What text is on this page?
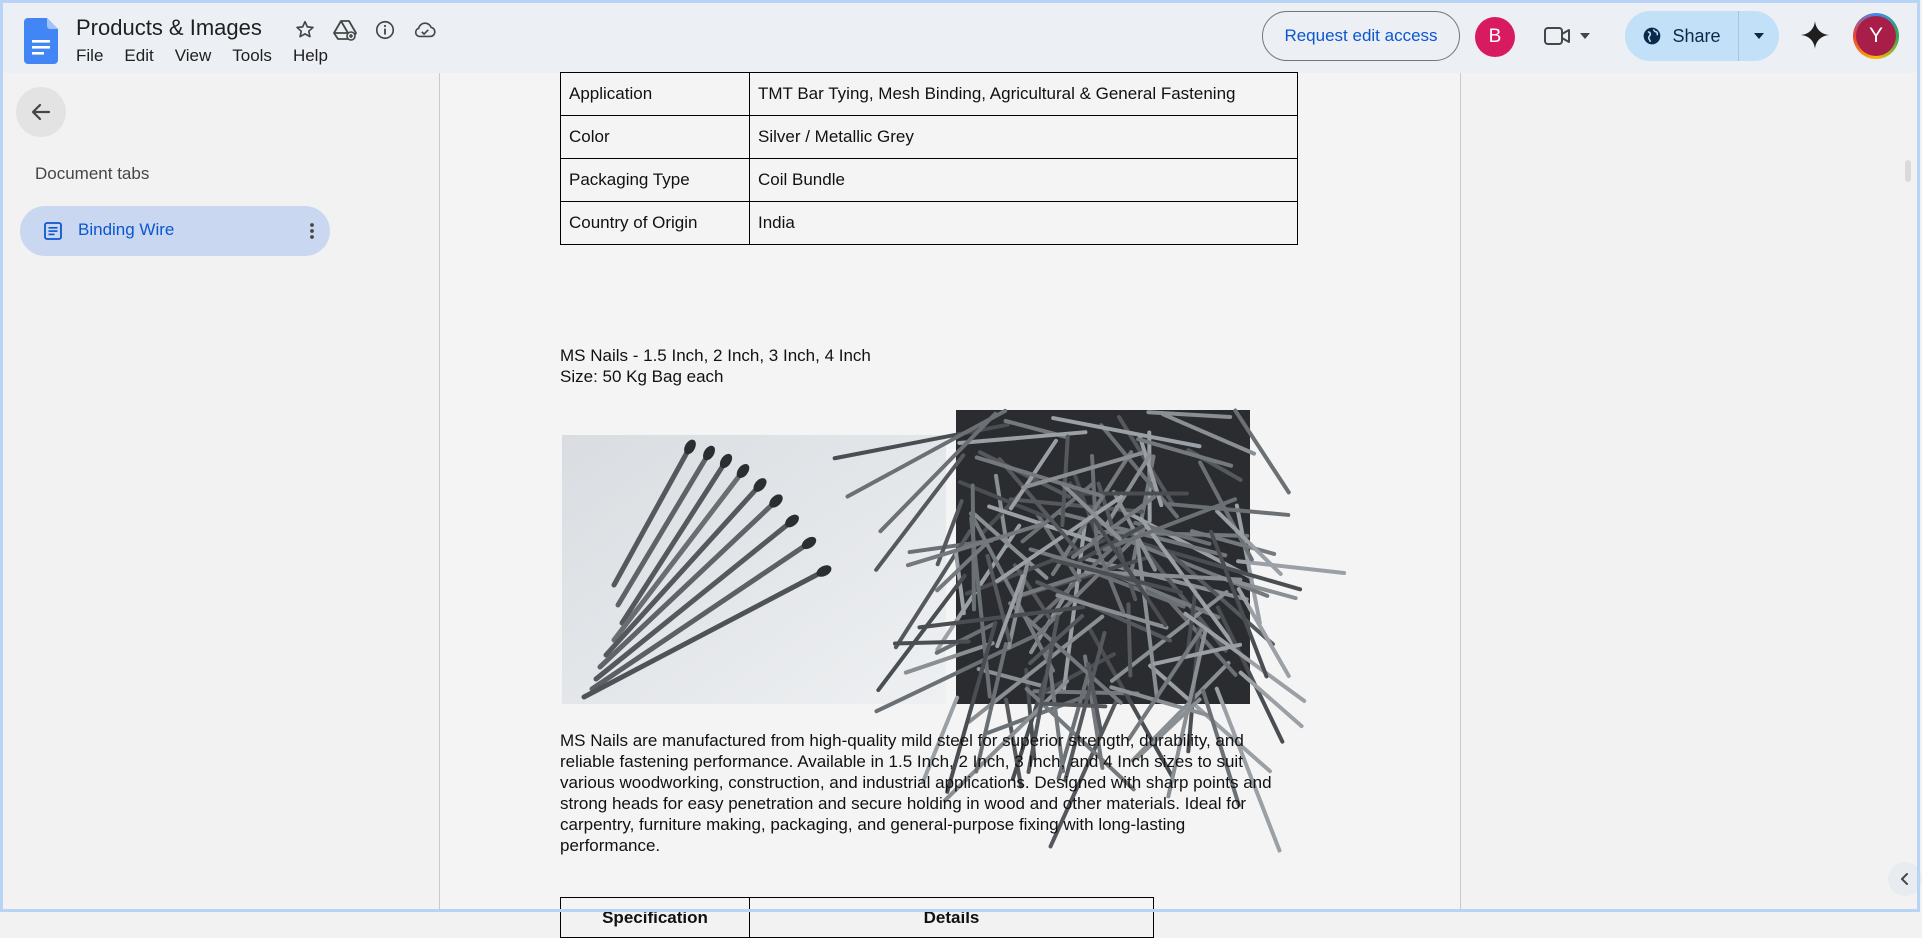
Products & Images
File	Edit	View	Tools	Help
Request edit access	B	Share	Y
Document tabs
Binding Wire
Application	TMT Bar Tying, Mesh Binding, Agricultural & General Fastening
Color	Silver / Metallic Grey
Packaging Type	Coil Bundle
Country of Origin	India
MS Nails - 1.5 Inch, 2 Inch, 3 Inch, 4 Inch
Size: 50 Kg Bag each
MS Nails are manufactured from high-quality mild steel for superior strength, durability, and
reliable fastening performance. Available in 1.5 Inch, 2 Inch, 3 Inch, and 4 Inch sizes to suit
various woodworking, construction, and industrial applications. Designed with sharp points and
strong heads for easy penetration and secure holding in wood and other materials. Ideal for
carpentry, furniture making, packaging, and general-purpose fixing with long-lasting
performance.
Specification	Details
